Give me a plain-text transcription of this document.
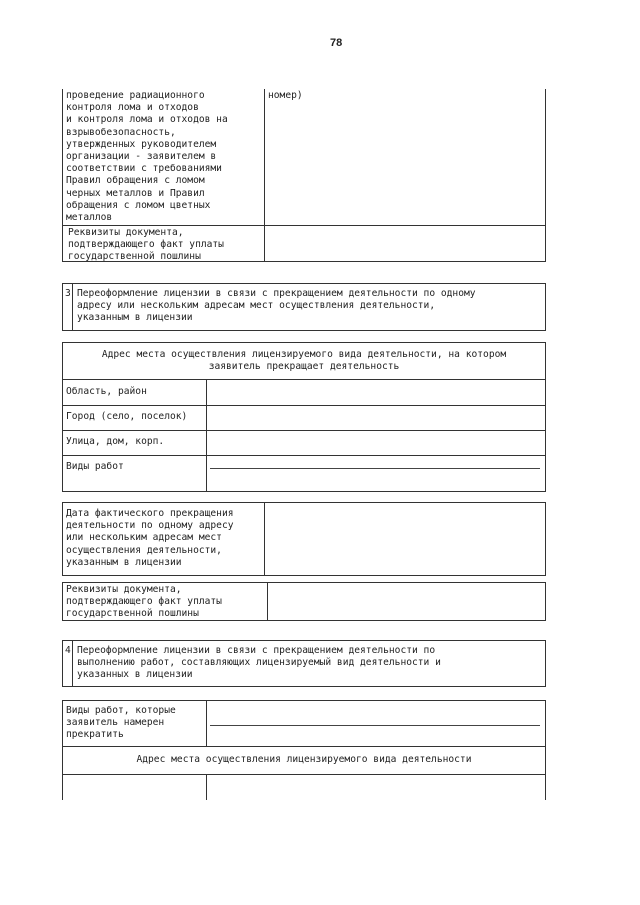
78
проведение радиационного
контроля лома и отходов
и контроля лома и отходов на
взрывобезопасность,
утвержденных руководителем
организации - заявителем в
соответствии с требованиями
Правил обращения с ломом
черных металлов и Правил
обращения с ломом цветных
металлов
номер)
Реквизиты документа,
подтверждающего факт уплаты
государственной пошлины
3 Переоформление лицензии в связи с прекращением деятельности по одному
адресу или нескольким адресам мест осуществления деятельности,
указанным в лицензии
Адрес места осуществления лицензируемого вида деятельности, на котором
заявитель прекращает деятельность
Область, район
Город (село, поселок)
Улица, дом, корп.
Виды работ
Дата фактического прекращения
деятельности по одному адресу
или нескольким адресам мест
осуществления деятельности,
указанным в лицензии
Реквизиты документа,
подтверждающего факт уплаты
государственной пошлины
4 Переоформление лицензии в связи с прекращением деятельности по
выполнению работ, составляющих лицензируемый вид деятельности и
указанных в лицензии
Виды работ, которые
заявитель намерен
прекратить
Адрес места осуществления лицензируемого вида деятельности
